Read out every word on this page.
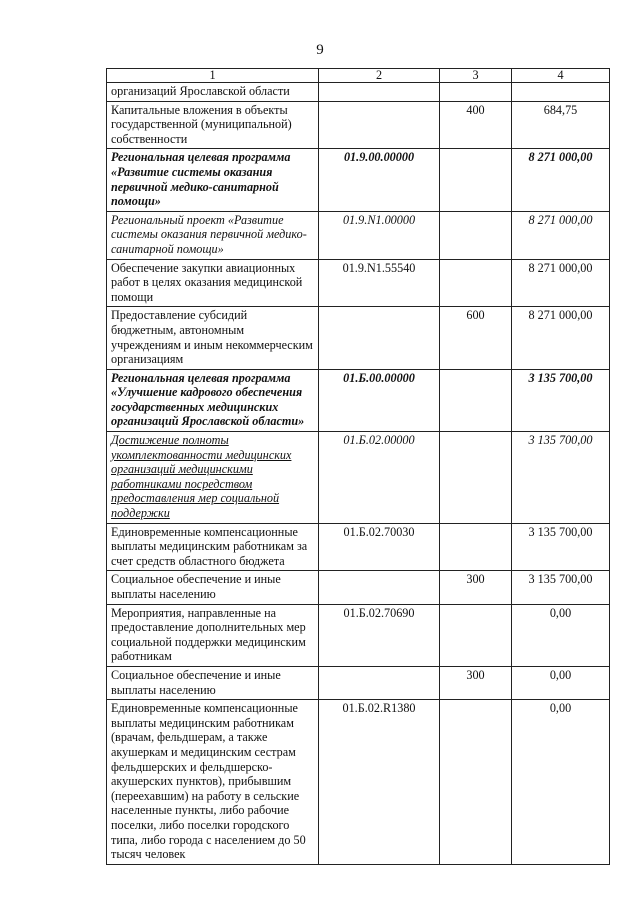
9
1	2	3	4
организаций Ярославской области			
Капитальные вложения в объекты государственной (муниципальной) собственности		400	684,75
Региональная целевая программа «Развитие системы оказания первичной медико-санитарной помощи»	01.9.00.00000		8 271 000,00
Региональный проект «Развитие системы оказания первичной медико-санитарной помощи»	01.9.N1.00000		8 271 000,00
Обеспечение закупки авиационных работ в целях оказания медицинской помощи	01.9.N1.55540		8 271 000,00
Предоставление субсидий бюджетным, автономным учреждениям и иным некоммерческим организациям		600	8 271 000,00
Региональная целевая программа «Улучшение кадрового обеспечения государственных медицинских организаций Ярославской области»	01.Б.00.00000		3 135 700,00
Достижение полноты укомплектованности медицинских организаций медицинскими работниками посредством предоставления мер социальной поддержки	01.Б.02.00000		3 135 700,00
Единовременные компенсационные выплаты медицинским работникам за счет средств областного бюджета	01.Б.02.70030		3 135 700,00
Социальное обеспечение и иные выплаты населению		300	3 135 700,00
Мероприятия, направленные на предоставление дополнительных мер социальной поддержки медицинским работникам	01.Б.02.70690		0,00
Социальное обеспечение и иные выплаты населению		300	0,00
Единовременные компенсационные выплаты медицинским работникам (врачам, фельдшерам, а также акушеркам и медицинским сестрам фельдшерских и фельдшерско-акушерских пунктов), прибывшим (переехавшим) на работу в сельские населенные пункты, либо рабочие поселки, либо поселки городского типа, либо города с населением до 50 тысяч человек	01.Б.02.R1380		0,00
